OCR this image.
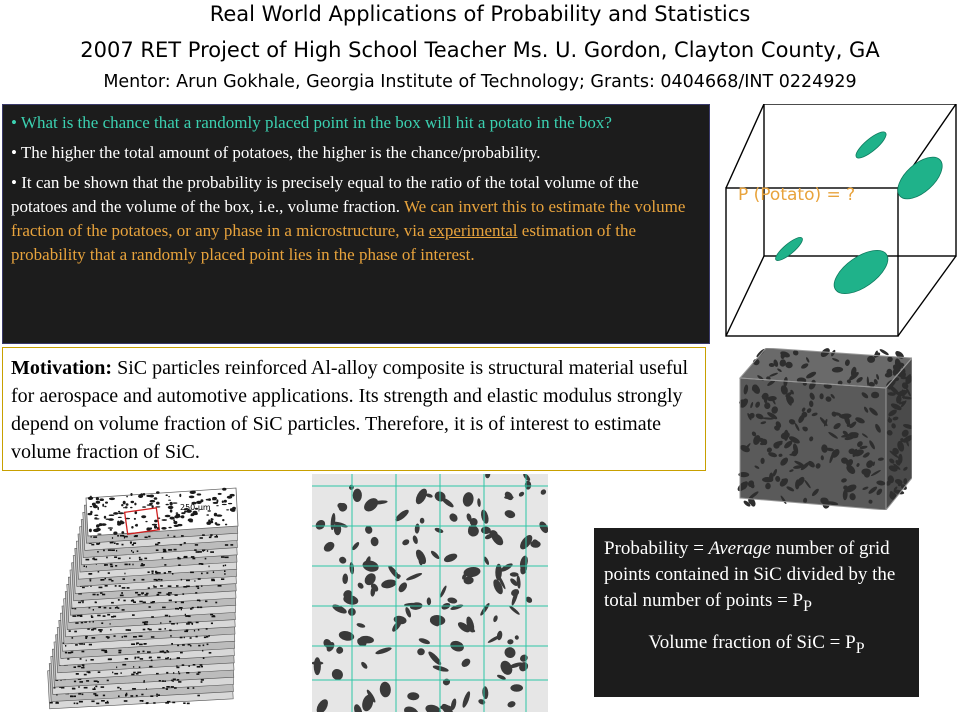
Real World Applications of Probability and Statistics
2007 RET Project of High School Teacher Ms. U. Gordon, Clayton County, GA
Mentor: Arun Gokhale, Georgia Institute of Technology; Grants: 0404668/INT 0224929

• What is the chance that a randomly placed point in the box will hit a potato in the box?

• The higher the total amount of potatoes, the higher is the chance/probability.

• It can be shown that the probability is precisely equal to the ratio of the total volume of the potatoes and the volume of the box, i.e., volume fraction. We can invert this to estimate the volume fraction of the potatoes, or any phase in a microstructure, via experimental estimation of the probability that a randomly placed point lies in the phase of interest.

P (Potato) = ?
Motivation: SiC particles reinforced Al-alloy composite is structural material useful for aerospace and automotive applications. Its strength and elastic modulus strongly depend on volume fraction of SiC particles. Therefore, it is of interest to estimate volume fraction of SiC.
250 µm
Probability = Average number of grid points contained in SiC divided by the total number of points = $P_P$
Volume fraction of SiC = $P_P$
